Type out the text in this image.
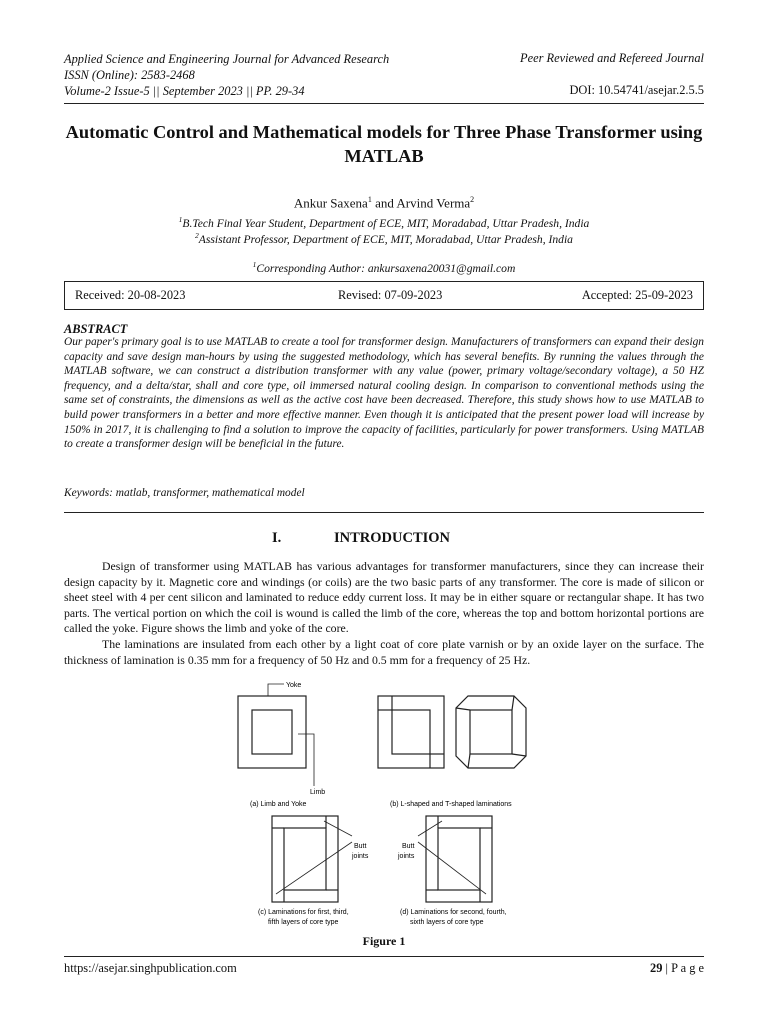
Applied Science and Engineering Journal for Advanced Research
ISSN (Online): 2583-2468
Volume-2 Issue-5 || September 2023 || PP. 29-34
Peer Reviewed and Refereed Journal
DOI: 10.54741/asejar.2.5.5
Automatic Control and Mathematical models for Three Phase Transformer using MATLAB
Ankur Saxena$^1$ and Arvind Verma$^2$
$^1$B.Tech Final Year Student, Department of ECE, MIT, Moradabad, Uttar Pradesh, India
$^2$Assistant Professor, Department of ECE, MIT, Moradabad, Uttar Pradesh, India
$^1$Corresponding Author: ankursaxena20031@gmail.com
Received: 20-08-2023	Revised: 07-09-2023	Accepted: 25-09-2023
ABSTRACT
Our paper's primary goal is to use MATLAB to create a tool for transformer design. Manufacturers of transformers can expand their design capacity and save design man-hours by using the suggested methodology, which has several benefits. By running the values through the MATLAB software, we can construct a distribution transformer with any value (power, primary voltage/secondary voltage), a 50 HZ frequency, and a delta/star, shall and core type, oil immersed natural cooling design. In comparison to conventional methods using the same set of constraints, the dimensions as well as the active cost have been decreased. Therefore, this study shows how to use MATLAB to build power transformers in a better and more effective manner. Even though it is anticipated that the present power load will increase by 150% in 2017, it is challenging to find a solution to improve the capacity of facilities, particularly for power transformers. Using MATLAB to create a transformer design will be beneficial in the future.
Keywords: matlab, transformer, mathematical model
I.	INTRODUCTION

Design of transformer using MATLAB has various advantages for transformer manufacturers, since they can increase their design capacity by it. Magnetic core and windings (or coils) are the two basic parts of any transformer. The core is made of silicon or sheet steel with 4 per cent silicon and laminated to reduce eddy current loss. It may be in either square or rectangular shape. It has two parts. The vertical portion on which the coil is wound is called the limb of the core, whereas the top and bottom horizontal portions are called the yoke. Figure shows the limb and yoke of the core.

The laminations are insulated from each other by a light coat of core plate varnish or by an oxide layer on the surface. The thickness of lamination is 0.35 mm for a frequency of 50 Hz and 0.5 mm for a frequency of 25 Hz.

Yoke
Limb
(a) Limb and Yoke	(b) L-shaped and T-shaped laminations
Butt
joints
Butt
joints
(c) Laminations for first, third,
fifth layers of core type
(d) Laminations for second, fourth,
sixth layers of core type
Figure 1
https://asejar.singhpublication.com	29 | P a g e
